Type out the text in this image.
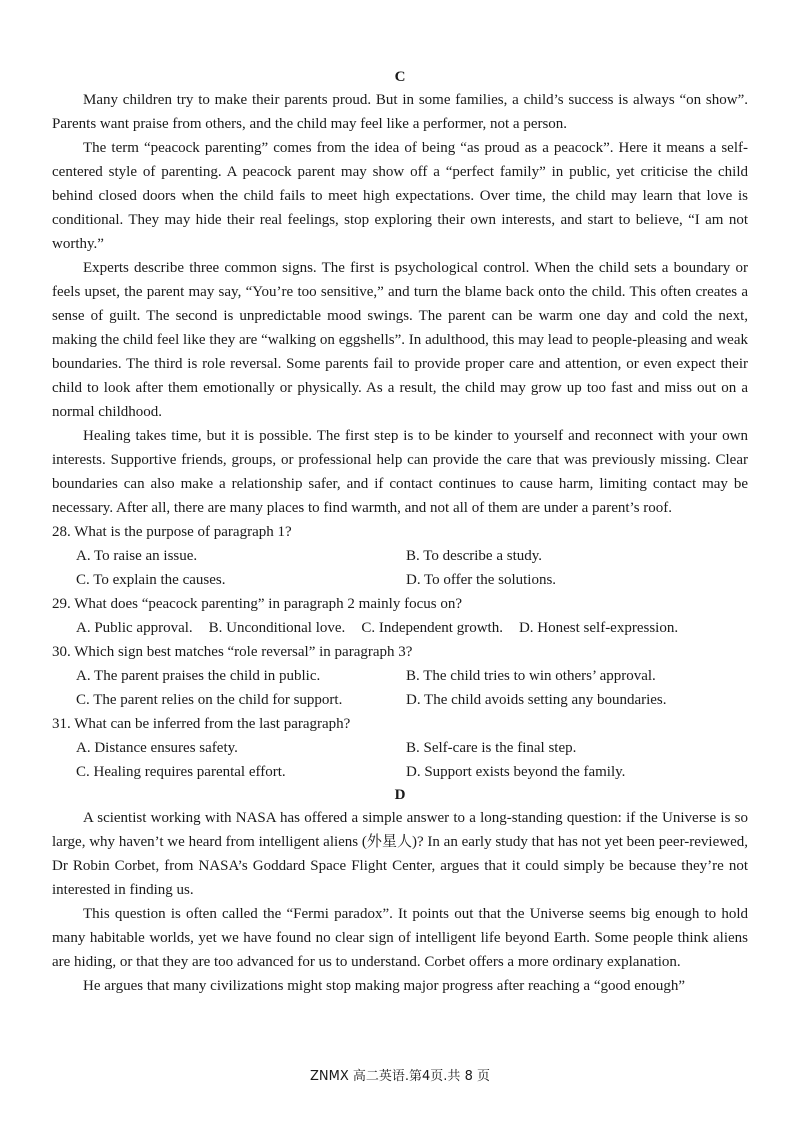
C

Many children try to make their parents proud. But in some families, a child’s success is always “on show”. Parents want praise from others, and the child may feel like a performer, not a person.

The term “peacock parenting” comes from the idea of being “as proud as a peacock”. Here it means a self-centered style of parenting. A peacock parent may show off a “perfect family” in public, yet criticise the child behind closed doors when the child fails to meet high expectations. Over time, the child may learn that love is conditional. They may hide their real feelings, stop exploring their own interests, and start to believe, “I am not worthy.”

Experts describe three common signs. The first is psychological control. When the child sets a boundary or feels upset, the parent may say, “You’re too sensitive,” and turn the blame back onto the child. This often creates a sense of guilt. The second is unpredictable mood swings. The parent can be warm one day and cold the next, making the child feel like they are “walking on eggshells”. In adulthood, this may lead to people-pleasing and weak boundaries. The third is role reversal. Some parents fail to provide proper care and attention, or even expect their child to look after them emotionally or physically. As a result, the child may grow up too fast and miss out on a normal childhood.

Healing takes time, but it is possible. The first step is to be kinder to yourself and reconnect with your own interests. Supportive friends, groups, or professional help can provide the care that was previously missing. Clear boundaries can also make a relationship safer, and if contact continues to cause harm, limiting contact may be necessary. After all, there are many places to find warmth, and not all of them are under a parent’s roof.

28. What is the purpose of paragraph 1?

A. To raise an issue.	B. To describe a study.
C. To explain the causes.	D. To offer the solutions.

29. What does “peacock parenting” in paragraph 2 mainly focus on?

A. Public approval. B. Unconditional love. C. Independent growth. D. Honest self-expression.

30. Which sign best matches “role reversal” in paragraph 3?

A. The parent praises the child in public.	B. The child tries to win others’ approval.
C. The parent relies on the child for support.	D. The child avoids setting any boundaries.

31. What can be inferred from the last paragraph?

A. Distance ensures safety.	B. Self-care is the final step.
C. Healing requires parental effort.	D. Support exists beyond the family.
D

A scientist working with NASA has offered a simple answer to a long-standing question: if the Universe is so large, why haven’t we heard from intelligent aliens (外星人)? In an early study that has not yet been peer-reviewed, Dr Robin Corbet, from NASA’s Goddard Space Flight Center, argues that it could simply be because they’re not interested in finding us.

This question is often called the “Fermi paradox”. It points out that the Universe seems big enough to hold many habitable worlds, yet we have found no clear sign of intelligent life beyond Earth. Some people think aliens are hiding, or that they are too advanced for us to understand. Corbet offers a more ordinary explanation.

He argues that many civilizations might stop making major progress after reaching a “good enough”

ZNMX 高二英语.第4页.共 8 页
